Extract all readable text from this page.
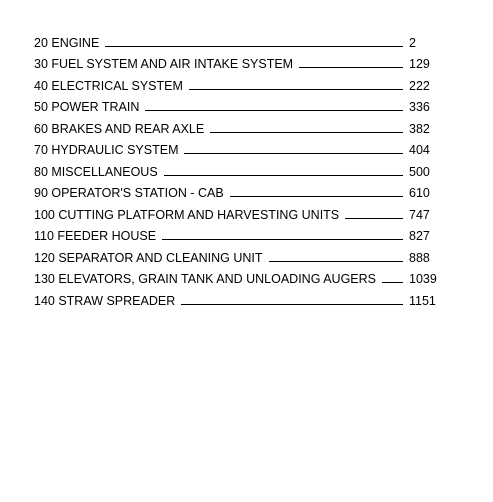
20 ENGINE	2
30 FUEL SYSTEM AND AIR INTAKE SYSTEM	129
40 ELECTRICAL SYSTEM	222
50 POWER TRAIN	336
60 BRAKES AND REAR AXLE	382
70 HYDRAULIC SYSTEM	404
80 MISCELLANEOUS	500
90 OPERATOR'S STATION - CAB	610
100 CUTTING PLATFORM AND HARVESTING UNITS	747
110 FEEDER HOUSE	827
120 SEPARATOR AND CLEANING UNIT	888
130 ELEVATORS, GRAIN TANK AND UNLOADING AUGERS	1039
140 STRAW SPREADER	1151
